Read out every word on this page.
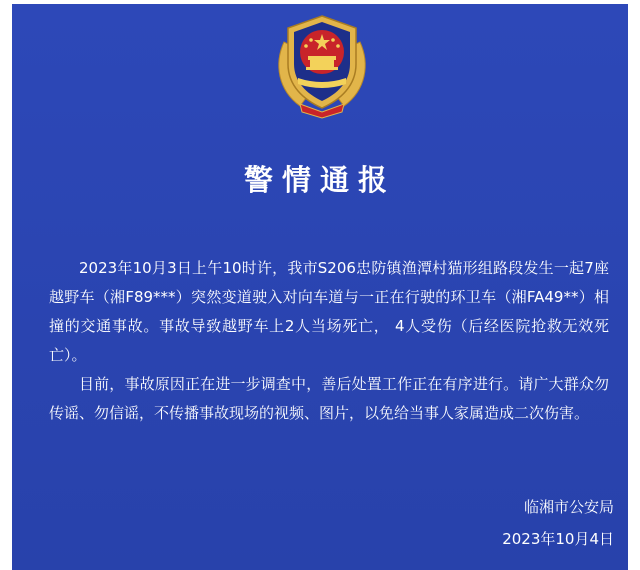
警情通报

2023年10月3日上午10时许，我市S206忠防镇渔潭村猫形组路段发生一起7座越野车（湘F89***）突然变道驶入对向车道与一正在行驶的环卫车（湘FA49**）相撞的交通事故。事故导致越野车上2人当场死亡， 4人受伤（后经医院抢救无效死亡）。

目前，事故原因正在进一步调查中，善后处置工作正在有序进行。请广大群众勿传谣、勿信谣，不传播事故现场的视频、图片，以免给当事人家属造成二次伤害。

临湘市公安局
2023年10月4日
